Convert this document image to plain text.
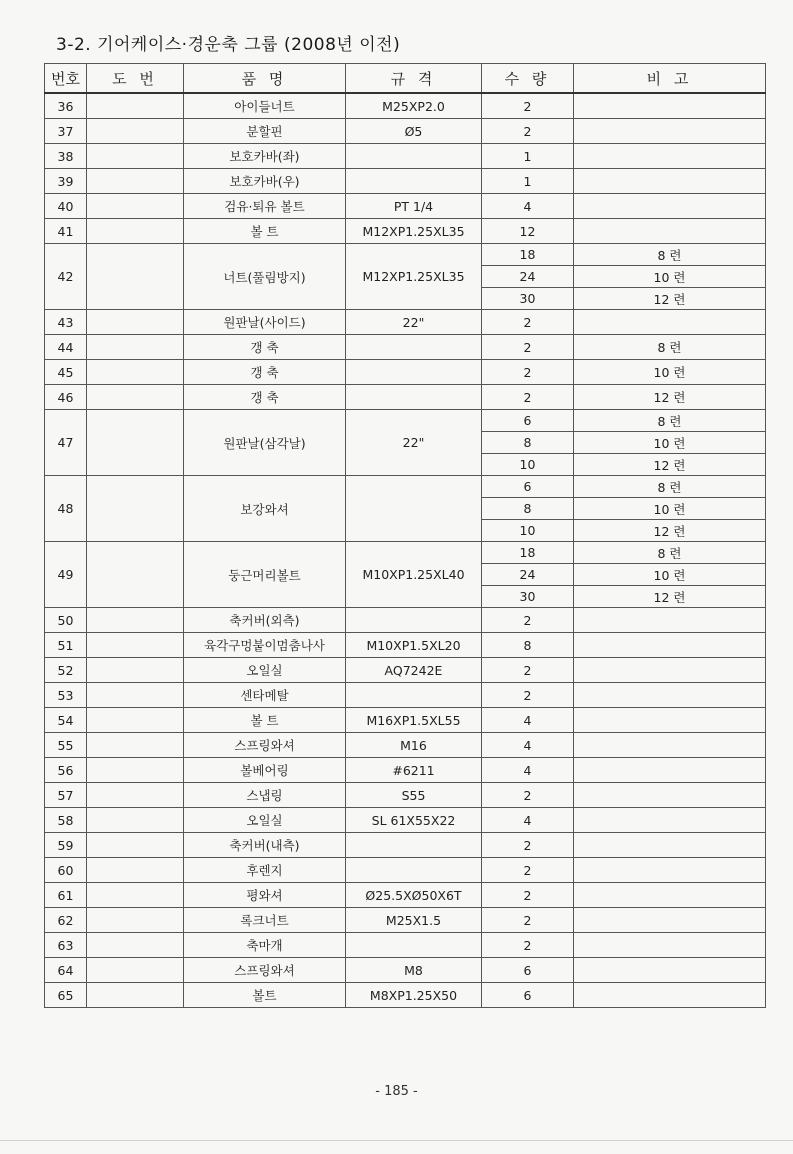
3-2. 기어케이스·경운축 그룹 (2008년 이전)
번호	도 번	품 명	규 격	수 량	비 고
36		아이들너트	M25XP2.0	2	
37		분할핀	Ø5	2	
38		보호카바(좌)		1	
39		보호카바(우)		1	
40		검유·퇴유 볼트	PT 1/4	4	
41		볼 트	M12XP1.25XL35	12	
42		너트(풀림방지)	M12XP1.25XL35	18	8 련
				24	10 련
				30	12 련
43		원판날(사이드)	22"	2	
44		갱 축		2	8 련
45		갱 축		2	10 련
46		갱 축		2	12 련
47		원판날(삼각날)	22"	6	8 련
				8	10 련
				10	12 련
48		보강와셔		6	8 련
				8	10 련
				10	12 련
49		둥근머리볼트	M10XP1.25XL40	18	8 련
				24	10 련
				30	12 련
50		축커버(외측)		2	
51		육각구멍붙이멈춤나사	M10XP1.5XL20	8	
52		오일실	AQ7242E	2	
53		센타메탈		2	
54		볼 트	M16XP1.5XL55	4	
55		스프링와셔	M16	4	
56		볼베어링	#6211	4	
57		스냅링	S55	2	
58		오일실	SL 61X55X22	4	
59		축커버(내측)		2	
60		후렌지		2	
61		평와셔	Ø25.5XØ50X6T	2	
62		록크너트	M25X1.5	2	
63		축마개		2	
64		스프링와셔	M8	6	
65		볼트	M8XP1.25X50	6	
- 185 -
